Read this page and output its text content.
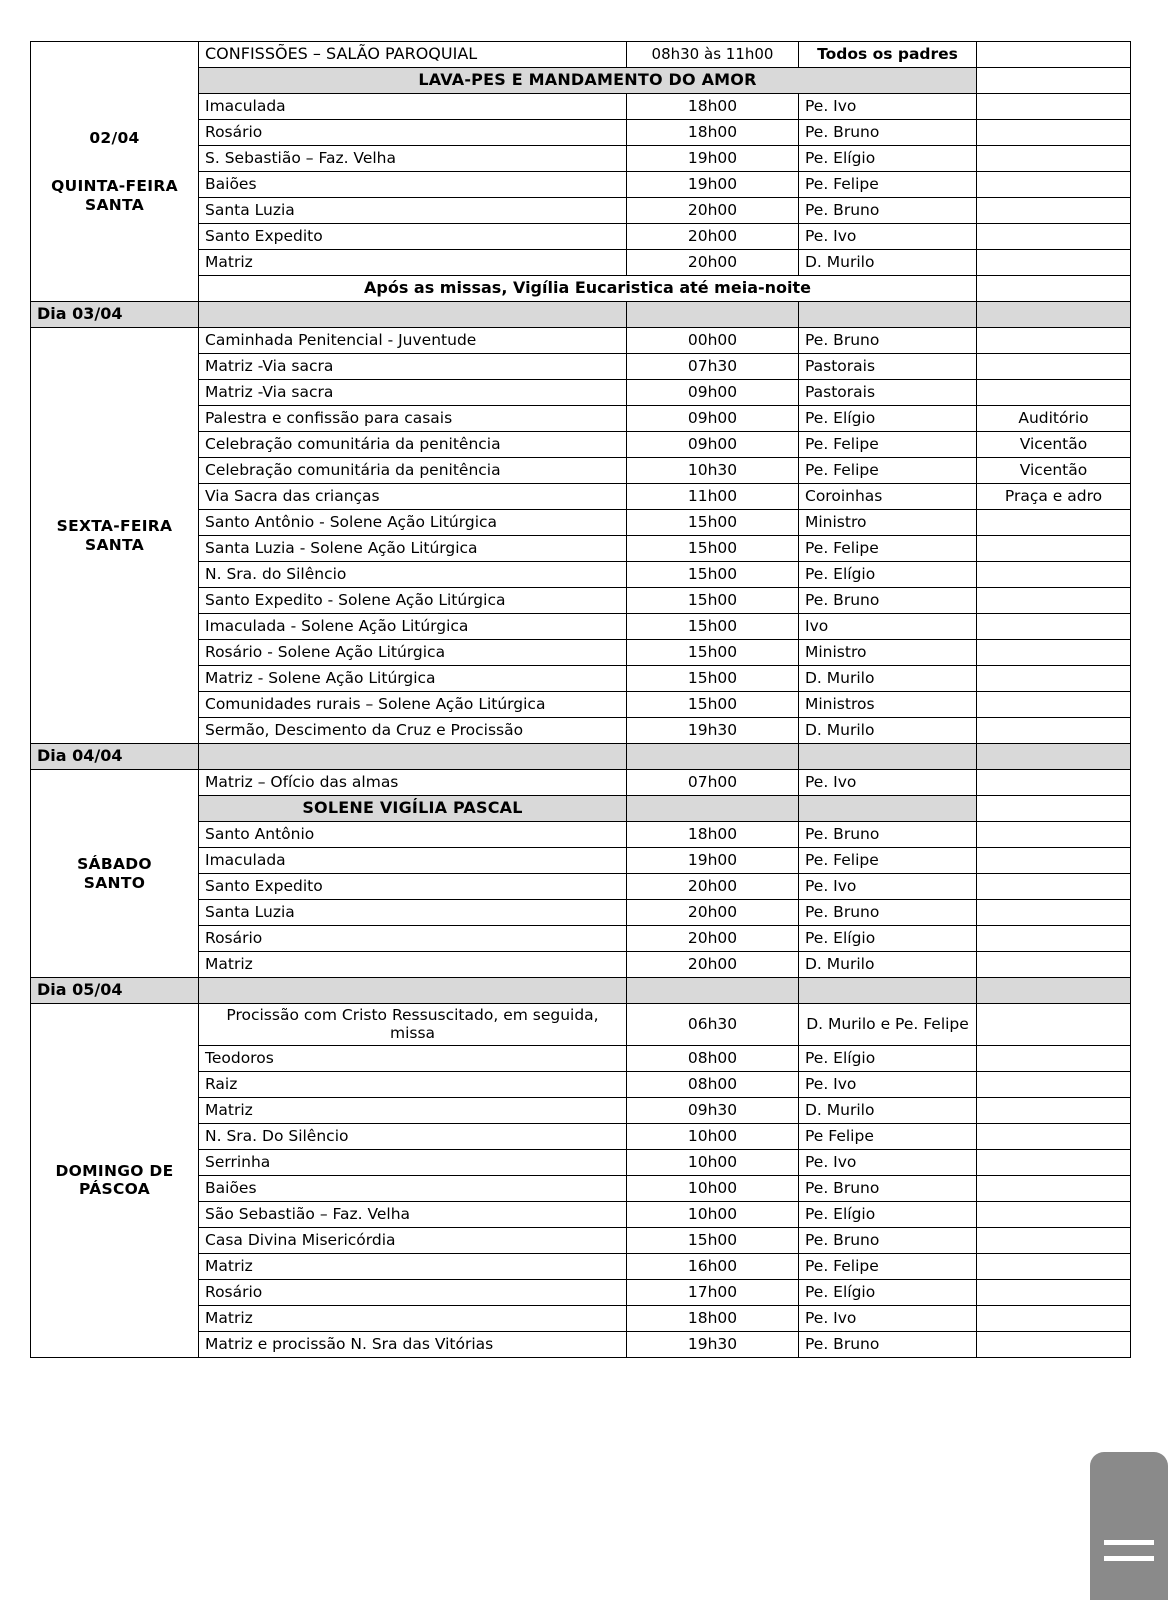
02/04
QUINTA-FEIRA
SANTA	CONFISSÕES – SALÃO PAROQUIAL	08h30 às 11h00	Todos os padres	
	LAVA-PES E MANDAMENTO DO AMOR			
	Imaculada	18h00	Pe. Ivo	
	Rosário	18h00	Pe. Bruno	
	S. Sebastião – Faz. Velha	19h00	Pe. Elígio	
	Baiões	19h00	Pe. Felipe	
	Santa Luzia	20h00	Pe. Bruno	
	Santo Expedito	20h00	Pe. Ivo	
	Matriz	20h00	D. Murilo	
	Após as missas, Vigília Eucaristica até meia-noite			
Dia 03/04				

SEXTA-FEIRA
SANTA	Caminhada Penitencial - Juventude	00h00	Pe. Bruno	
	Matriz -Via sacra	07h30	Pastorais	
	Matriz -Via sacra	09h00	Pastorais	
	Palestra e confissão para casais	09h00	Pe. Elígio	Auditório
	Celebração comunitária da penitência	09h00	Pe. Felipe	Vicentão
	Celebração comunitária da penitência	10h30	Pe. Felipe	Vicentão
	Via Sacra das crianças	11h00	Coroinhas	Praça e adro
	Santo Antônio - Solene Ação Litúrgica	15h00	Ministro	
	Santa Luzia - Solene Ação Litúrgica	15h00	Pe. Felipe	
	N. Sra. do Silêncio	15h00	Pe. Elígio	
	Santo Expedito - Solene Ação Litúrgica	15h00	Pe. Bruno	
	Imaculada - Solene Ação Litúrgica	15h00	Ivo	
	Rosário - Solene Ação Litúrgica	15h00	Ministro	
	Matriz - Solene Ação Litúrgica	15h00	D. Murilo	
	Comunidades rurais – Solene Ação Litúrgica	15h00	Ministros	
	Sermão, Descimento da Cruz e Procissão	19h30	D. Murilo	
Dia 04/04				

SÁBADO
SANTO	Matriz – Ofício das almas	07h00	Pe. Ivo	
	SOLENE VIGÍLIA PASCAL			
	Santo Antônio	18h00	Pe. Bruno	
	Imaculada	19h00	Pe. Felipe	
	Santo Expedito	20h00	Pe. Ivo	
	Santa Luzia	20h00	Pe. Bruno	
	Rosário	20h00	Pe. Elígio	
	Matriz	20h00	D. Murilo	
Dia 05/04				

DOMINGO DE
PÁSCOA	Procissão com Cristo Ressuscitado, em seguida, missa	06h30	D. Murilo e Pe. Felipe	
	Teodoros	08h00	Pe. Elígio	
	Raiz	08h00	Pe. Ivo	
	Matriz	09h30	D. Murilo	
	N. Sra. Do Silêncio	10h00	Pe Felipe	
	Serrinha	10h00	Pe. Ivo	
	Baiões	10h00	Pe. Bruno	
	São Sebastião – Faz. Velha	10h00	Pe. Elígio	
	Casa Divina Misericórdia	15h00	Pe. Bruno	
	Matriz	16h00	Pe. Felipe	
	Rosário	17h00	Pe. Elígio	
	Matriz	18h00	Pe. Ivo	
	Matriz e procissão N. Sra das Vitórias	19h30	Pe. Bruno	
